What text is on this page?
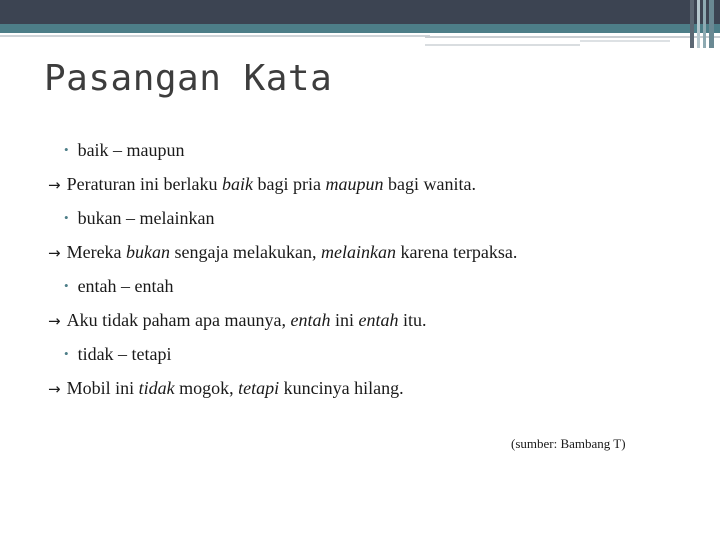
Pasangan Kata
• baik – maupun
→ Peraturan ini berlaku baik bagi pria maupun bagi wanita.
• bukan – melainkan
→ Mereka bukan sengaja melakukan, melainkan karena terpaksa.
• entah – entah
→ Aku tidak paham apa maunya, entah ini entah itu.
• tidak – tetapi
→ Mobil ini tidak mogok, tetapi kuncinya hilang.
(sumber: Bambang T)
